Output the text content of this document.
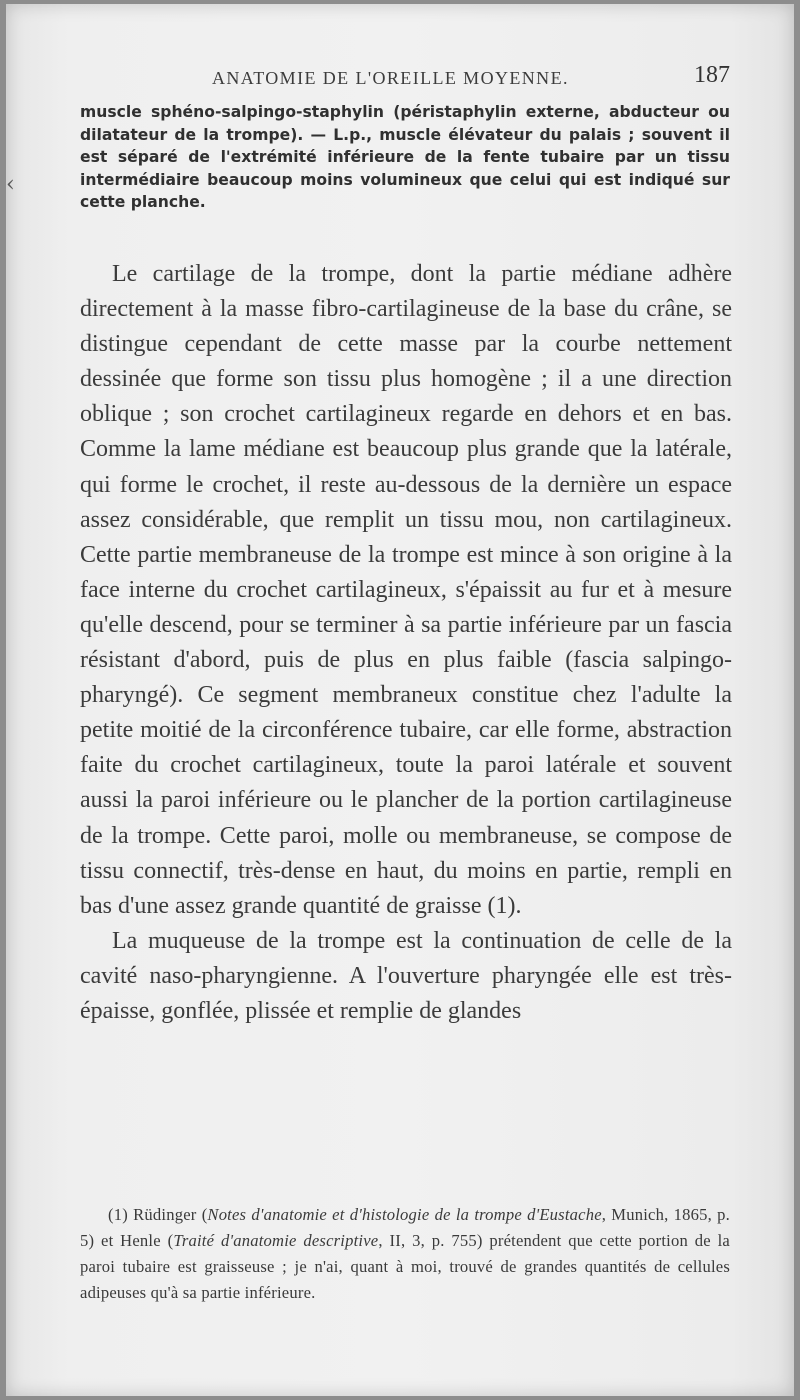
‹
ANATOMIE DE L'OREILLE MOYENNE.	187
muscle sphéno-salpingo-staphylin (péristaphylin externe, abducteur ou dilatateur de la trompe). — L.p., muscle élévateur du palais ; souvent il est séparé de l'extrémité inférieure de la fente tubaire par un tissu intermédiaire beaucoup moins volumineux que celui qui est indiqué sur cette planche.

Le cartilage de la trompe, dont la partie médiane adhère directement à la masse fibro-cartilagineuse de la base du crâne, se distingue cependant de cette masse par la courbe nettement dessinée que forme son tissu plus homogène ; il a une direction oblique ; son crochet cartilagineux regarde en dehors et en bas. Comme la lame médiane est beaucoup plus grande que la latérale, qui forme le crochet, il reste au-dessous de la dernière un espace assez considérable, que remplit un tissu mou, non cartilagineux. Cette partie membraneuse de la trompe est mince à son origine à la face interne du crochet cartilagineux, s'épaissit au fur et à mesure qu'elle descend, pour se terminer à sa partie inférieure par un fascia résistant d'abord, puis de plus en plus faible (fascia salpingo-pharyngé). Ce segment membraneux constitue chez l'adulte la petite moitié de la circonférence tubaire, car elle forme, abstraction faite du crochet cartilagineux, toute la paroi latérale et souvent aussi la paroi inférieure ou le plancher de la portion cartilagineuse de la trompe. Cette paroi, molle ou membraneuse, se compose de tissu connectif, très-dense en haut, du moins en partie, rempli en bas d'une assez grande quantité de graisse (1).

La muqueuse de la trompe est la continuation de celle de la cavité naso-pharyngienne. A l'ouverture pharyngée elle est très-épaisse, gonflée, plissée et remplie de glandes

(1) Rüdinger (Notes d'anatomie et d'histologie de la trompe d'Eustache, Munich, 1865, p. 5) et Henle (Traité d'anatomie descriptive, II, 3, p. 755) prétendent que cette portion de la paroi tubaire est graisseuse ; je n'ai, quant à moi, trouvé de grandes quantités de cellules adipeuses qu'à sa partie inférieure.
